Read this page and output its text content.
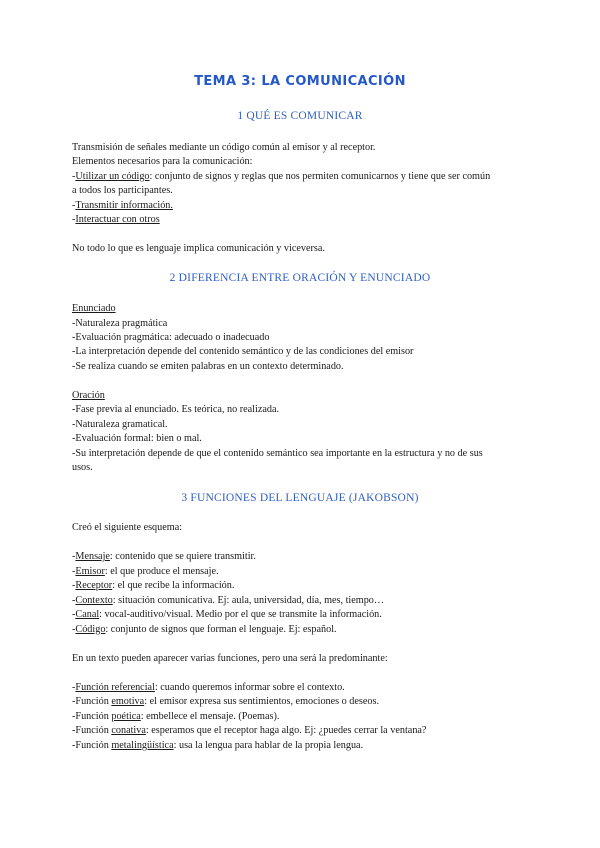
TEMA 3: LA COMUNICACIÓN
1 QUÉ ES COMUNICAR
Transmisión de señales mediante un código común al emisor y al receptor.
Elementos necesarios para la comunicación:
-Utilizar un código: conjunto de signos y reglas que nos permiten comunicarnos y tiene que ser común
a todos los participantes.
-Transmitir información.
-Interactuar con otros
No todo lo que es lenguaje implica comunicación y viceversa.
2 DIFERENCIA ENTRE ORACIÓN Y ENUNCIADO
Enunciado
-Naturaleza pragmática
-Evaluación pragmática: adecuado o inadecuado
-La interpretación depende del contenido semántico y de las condiciones del emisor
-Se realiza cuando se emiten palabras en un contexto determinado.
Oración
-Fase previa al enunciado. Es teórica, no realizada.
-Naturaleza gramatical.
-Evaluación formal: bien o mal.
-Su interpretación depende de que el contenido semántico sea importante en la estructura y no de sus
usos.
3 FUNCIONES DEL LENGUAJE (JAKOBSON)
Creó el siguiente esquema:
-Mensaje: contenido que se quiere transmitir.
-Emisor: el que produce el mensaje.
-Receptor: el que recibe la información.
-Contexto: situación comunicativa. Ej: aula, universidad, día, mes, tiempo…
-Canal: vocal-auditivo/visual. Medio por el que se transmite la información.
-Código: conjunto de signos que forman el lenguaje. Ej: español.
En un texto pueden aparecer varias funciones, pero una será la predominante:
-Función referencial: cuando queremos informar sobre el contexto.
-Función emotiva: el emisor expresa sus sentimientos, emociones o deseos.
-Función poética: embellece el mensaje. (Poemas).
-Función conativa: esperamos que el receptor haga algo. Ej: ¿puedes cerrar la ventana?
-Función metalingüística: usa la lengua para hablar de la propia lengua.
